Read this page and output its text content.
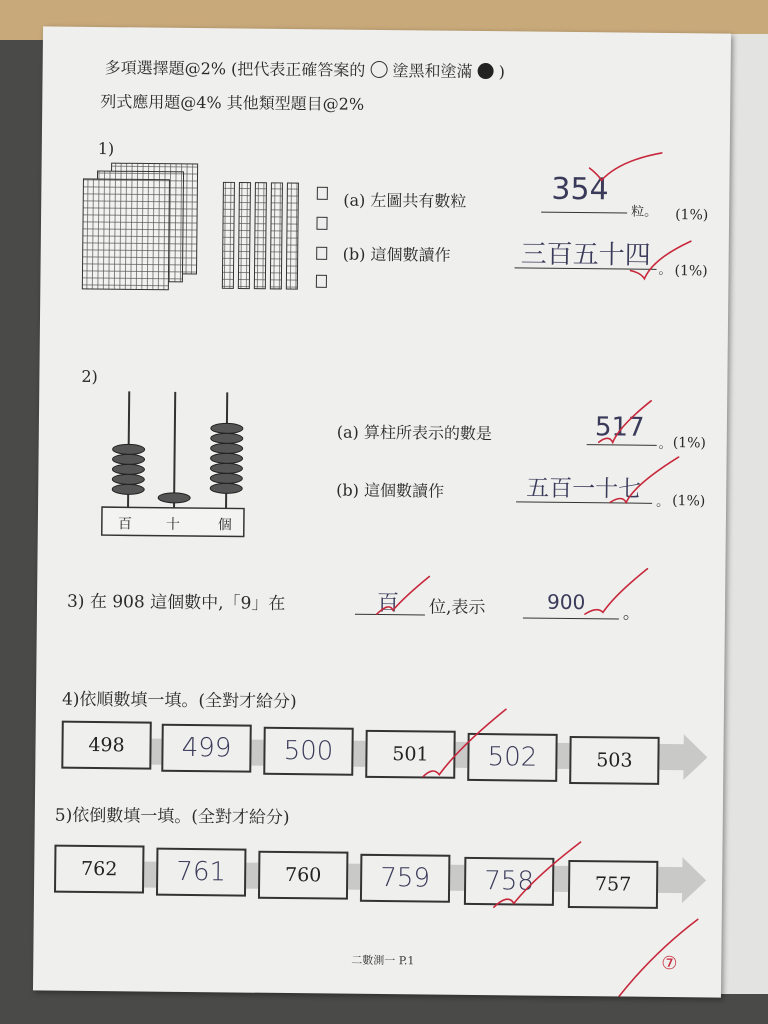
多項選擇題@2% (把代表正確答案的 塗黑和塗滿 )
列式應用題@4% 其他類型題目@2%
1)
(a) 左圖共有數粒	354
粒。 (1%)
(b) 這個數讀作	三百五十四 。 (1%)
2)
百 十	個
(a) 算柱所表示的數是	517
。 (1%)
(b) 這個數讀作	五百一十七 。 (1%)
3) 在 908 這個數中,「9」在	百 位,表示	900 。
4)依順數填一填。(全對才給分)
498	499	500	501	502	503
5)依倒數填一填。(全對才給分)
762	761	760	759	758	757
⑦
二數測一 P.1
